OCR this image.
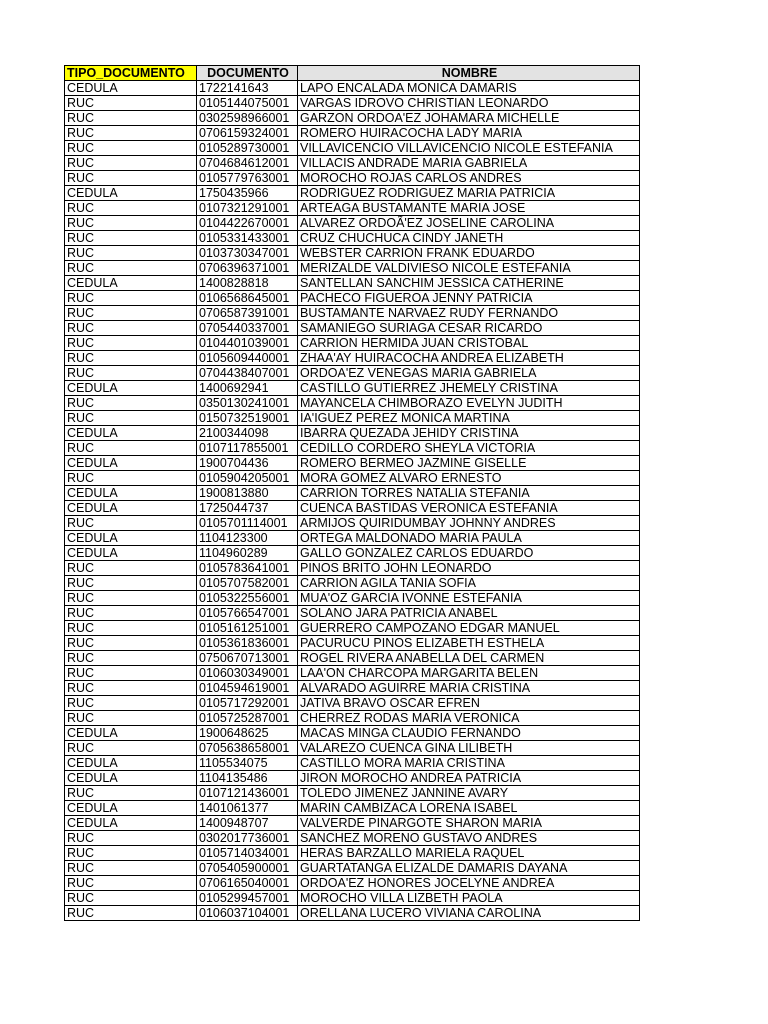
TIPO_DOCUMENTO	DOCUMENTO	NOMBRE
CEDULA	1722141643	LAPO ENCALADA MONICA DAMARIS
RUC	0105144075001	VARGAS IDROVO CHRISTIAN LEONARDO
RUC	0302598966001	GARZON ORDOA'EZ JOHAMARA MICHELLE
RUC	0706159324001	ROMERO HUIRACOCHA LADY MARIA
RUC	0105289730001	VILLAVICENCIO VILLAVICENCIO NICOLE ESTEFANIA
RUC	0704684612001	VILLACIS ANDRADE MARIA GABRIELA
RUC	0105779763001	MOROCHO ROJAS CARLOS ANDRES
CEDULA	1750435966	RODRIGUEZ RODRIGUEZ MARIA PATRICIA
RUC	0107321291001	ARTEAGA BUSTAMANTE MARIA JOSE
RUC	0104422670001	ALVAREZ ORDOÃ'EZ JOSELINE CAROLINA
RUC	0105331433001	CRUZ CHUCHUCA CINDY JANETH
RUC	0103730347001	WEBSTER CARRION FRANK EDUARDO
RUC	0706396371001	MERIZALDE VALDIVIESO NICOLE ESTEFANIA
CEDULA	1400828818	SANTELLAN SANCHIM JESSICA CATHERINE
RUC	0106568645001	PACHECO FIGUEROA JENNY PATRICIA
RUC	0706587391001	BUSTAMANTE NARVAEZ RUDY FERNANDO
RUC	0705440337001	SAMANIEGO SURIAGA CESAR RICARDO
RUC	0104401039001	CARRION HERMIDA JUAN CRISTOBAL
RUC	0105609440001	ZHAA'AY HUIRACOCHA ANDREA ELIZABETH
RUC	0704438407001	ORDOA'EZ VENEGAS MARIA GABRIELA
CEDULA	1400692941	CASTILLO GUTIERREZ JHEMELY CRISTINA
RUC	0350130241001	MAYANCELA CHIMBORAZO EVELYN JUDITH
RUC	0150732519001	IA'IGUEZ PEREZ MONICA MARTINA
CEDULA	2100344098	IBARRA QUEZADA JEHIDY CRISTINA
RUC	0107117855001	CEDILLO CORDERO SHEYLA VICTORIA
CEDULA	1900704436	ROMERO BERMEO JAZMINE GISELLE
RUC	0105904205001	MORA GOMEZ ALVARO ERNESTO
CEDULA	1900813880	CARRION TORRES NATALIA STEFANIA
CEDULA	1725044737	CUENCA BASTIDAS VERONICA ESTEFANIA
RUC	0105701114001	ARMIJOS QUIRIDUMBAY JOHNNY ANDRES
CEDULA	1104123300	ORTEGA MALDONADO MARIA PAULA
CEDULA	1104960289	GALLO GONZALEZ CARLOS EDUARDO
RUC	0105783641001	PINOS BRITO JOHN LEONARDO
RUC	0105707582001	CARRION AGILA TANIA SOFIA
RUC	0105322556001	MUA'OZ GARCIA IVONNE ESTEFANIA
RUC	0105766547001	SOLANO JARA PATRICIA ANABEL
RUC	0105161251001	GUERRERO CAMPOZANO EDGAR MANUEL
RUC	0105361836001	PACURUCU PINOS ELIZABETH ESTHELA
RUC	0750670713001	ROGEL RIVERA ANABELLA DEL CARMEN
RUC	0106030349001	LAA'ON CHARCOPA MARGARITA BELEN
RUC	0104594619001	ALVARADO AGUIRRE MARIA CRISTINA
RUC	0105717292001	JATIVA BRAVO OSCAR EFREN
RUC	0105725287001	CHERREZ RODAS MARIA VERONICA
CEDULA	1900648625	MACAS MINGA CLAUDIO FERNANDO
RUC	0705638658001	VALAREZO CUENCA GINA LILIBETH
CEDULA	1105534075	CASTILLO MORA MARIA CRISTINA
CEDULA	1104135486	JIRON MOROCHO ANDREA PATRICIA
RUC	0107121436001	TOLEDO JIMENEZ JANNINE AVARY
CEDULA	1401061377	MARIN CAMBIZACA LORENA ISABEL
CEDULA	1400948707	VALVERDE PINARGOTE SHARON MARIA
RUC	0302017736001	SANCHEZ MORENO GUSTAVO ANDRES
RUC	0105714034001	HERAS BARZALLO MARIELA RAQUEL
RUC	0705405900001	GUARTATANGA ELIZALDE DAMARIS DAYANA
RUC	0706165040001	ORDOA'EZ HONORES JOCELYNE ANDREA
RUC	0105299457001	MOROCHO VILLA LIZBETH PAOLA
RUC	0106037104001	ORELLANA LUCERO VIVIANA CAROLINA
